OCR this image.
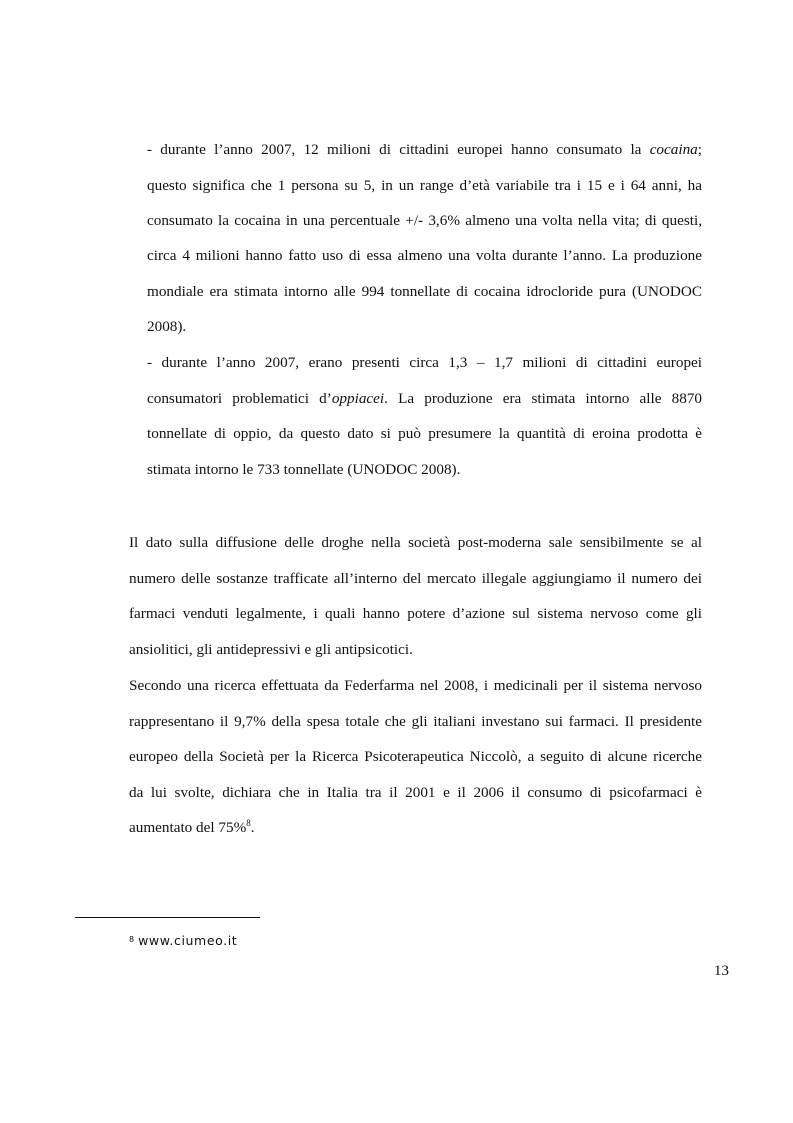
- durante l’anno 2007, 12 milioni di cittadini europei hanno consumato la cocaina;
questo significa che 1 persona su 5, in un range d’età variabile tra i 15 e i 64 anni, ha
consumato la cocaina in una percentuale +/- 3,6% almeno una volta nella vita; di questi,
circa 4 milioni hanno fatto uso di essa almeno una volta durante l’anno. La produzione
mondiale era stimata intorno alle 994 tonnellate di cocaina idrocloride pura (UNODOC
2008).
- durante l’anno 2007, erano presenti circa 1,3 – 1,7 milioni di cittadini europei
consumatori problematici d’oppiacei. La produzione era stimata intorno alle 8870
tonnellate di oppio, da questo dato si può presumere la quantità di eroina prodotta è
stimata intorno le 733 tonnellate (UNODOC 2008).
Il dato sulla diffusione delle droghe nella società post-moderna sale sensibilmente se al
numero delle sostanze trafficate all’interno del mercato illegale aggiungiamo il numero dei
farmaci venduti legalmente, i quali hanno potere d’azione sul sistema nervoso come gli
ansiolitici, gli antidepressivi e gli antipsicotici.
Secondo una ricerca effettuata da Federfarma nel 2008, i medicinali per il sistema nervoso
rappresentano il 9,7% della spesa totale che gli italiani investano sui farmaci. Il presidente
europeo della Società per la Ricerca Psicoterapeutica Niccolò, a seguito di alcune ricerche
da lui svolte, dichiara che in Italia tra il 2001 e il 2006 il consumo di psicofarmaci è
aumentato del 75%$^8$.
$^8$ www.ciumeo.it
13
